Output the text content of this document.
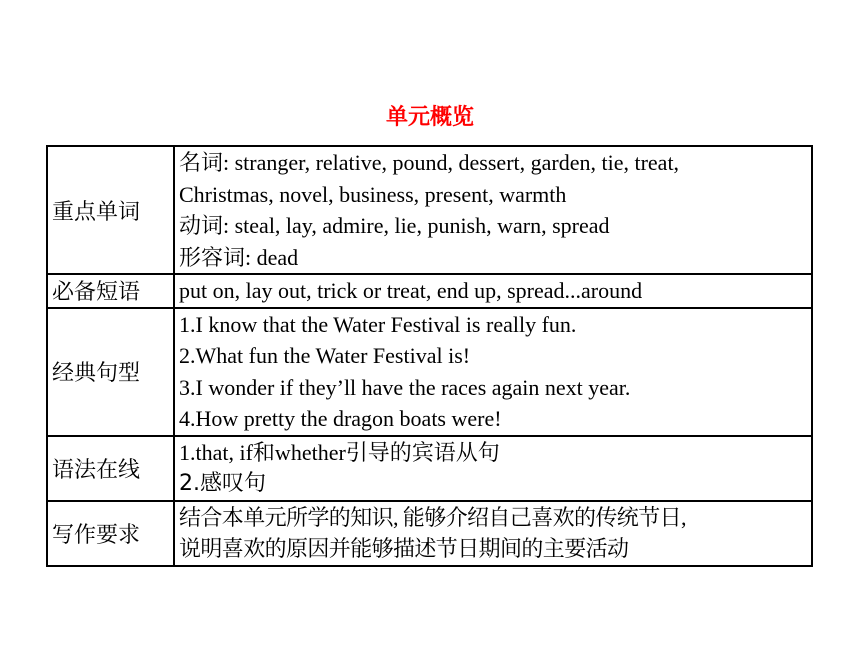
单元概览
重点单词	名词: stranger, relative, pound, dessert, garden, tie, treat,
Christmas, novel, business, present, warmth
动词: steal, lay, admire, lie, punish, warn, spread
形容词: dead

必备短语	put on, lay out, trick or treat, end up, spread...around

经典句型	1.I know that the Water Festival is really fun.
2.What fun the Water Festival is!
3.I wonder if they’ll have the races again next year.
4.How pretty the dragon boats were!

语法在线	1.that, if和whether引导的宾语从句
2.感叹句

写作要求	结合本单元所学的知识, 能够介绍自己喜欢的传统节日,
说明喜欢的原因并能够描述节日期间的主要活动
